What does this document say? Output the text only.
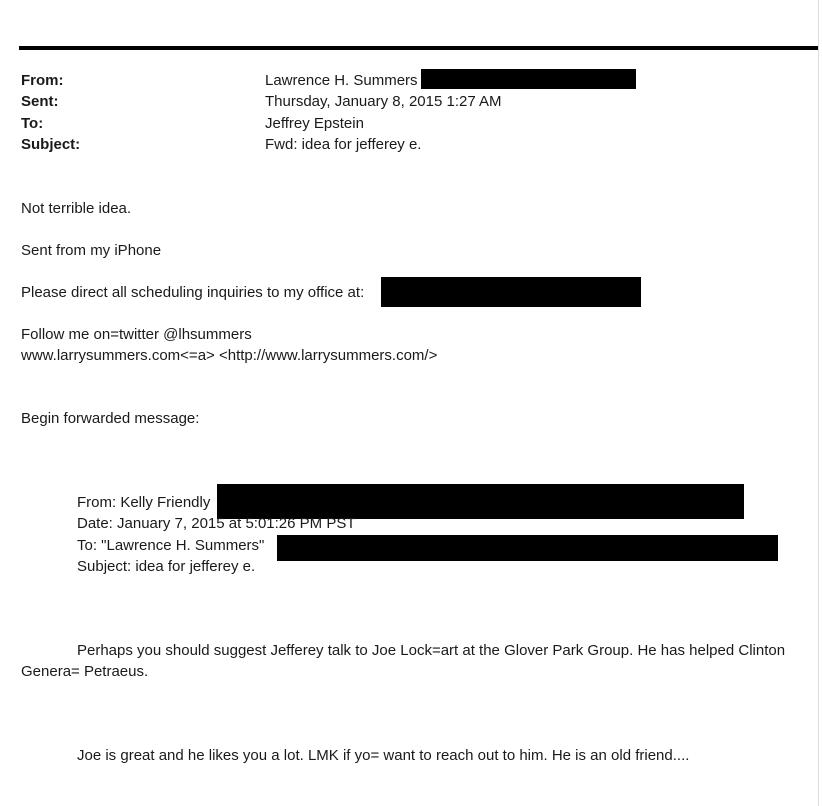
From:	Lawrence H. Summers
Sent:	Thursday, January 8, 2015 1:27 AM
To:	Jeffrey Epstein
Subject:	Fwd: idea for jefferey e.
Not terrible idea.
Sent from my iPhone
Please direct all scheduling inquiries to my office at:
Follow me on=twitter @lhsummers
www.larrysummers.com<=a> <http://www.larrysummers.com/>
Begin forwarded message:
From: Kelly Friendly
Date: January 7, 2015 at 5:01:26 PM PST
To: "Lawrence H. Summers"
Subject: idea for jefferey e.
Perhaps you should suggest Jefferey talk to Joe Lock=art at the Glover Park Group. He has helped Clinton
Genera= Petraeus.
Joe is great and he likes you a lot. LMK if yo= want to reach out to him. He is an old friend....
